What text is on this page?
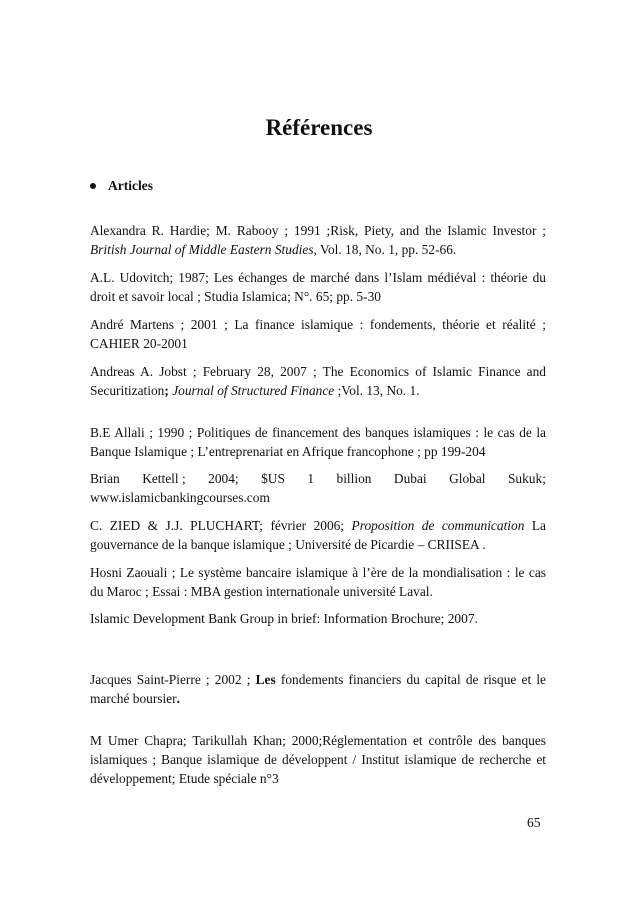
Références
Articles

Alexandra R. Hardie; M. Rabooy ; 1991 ;Risk, Piety, and the Islamic Investor ; British Journal of Middle Eastern Studies, Vol. 18, No. 1, pp. 52-66.

A.L. Udovitch; 1987; Les échanges de marché dans l’Islam médiéval : théorie du droit et savoir local ; Studia Islamica; N°. 65; pp. 5-30

André Martens ; 2001 ; La finance islamique : fondements, théorie et réalité ; CAHIER 20-2001

Andreas A. Jobst ; February 28, 2007 ; The Economics of Islamic Finance and Securitization; Journal of Structured Finance ;Vol. 13, No. 1.

B.E Allali ; 1990 ; Politiques de financement des banques islamiques : le cas de la Banque Islamique ; L’entreprenariat en Afrique francophone ; pp 199-204

Brian Kettell ; 2004; $US 1 billion Dubai Global Sukuk;
www.islamicbankingcourses.com

C. ZIED & J.J. PLUCHART; février 2006; Proposition de communication La gouvernance de la banque islamique ; Université de Picardie – CRIISEA .

Hosni Zaouali ; Le système bancaire islamique à l’ère de la mondialisation : le cas du Maroc ; Essai : MBA gestion internationale université Laval.

Islamic Development Bank Group in brief: Information Brochure; 2007.

Jacques Saint-Pierre ; 2002 ; Les fondements financiers du capital de risque et le marché boursier.

M Umer Chapra; Tarikullah Khan; 2000;Réglementation et contrôle des banques islamiques ; Banque islamique de développent / Institut islamique de recherche et développement; Etude spéciale n°3

65
